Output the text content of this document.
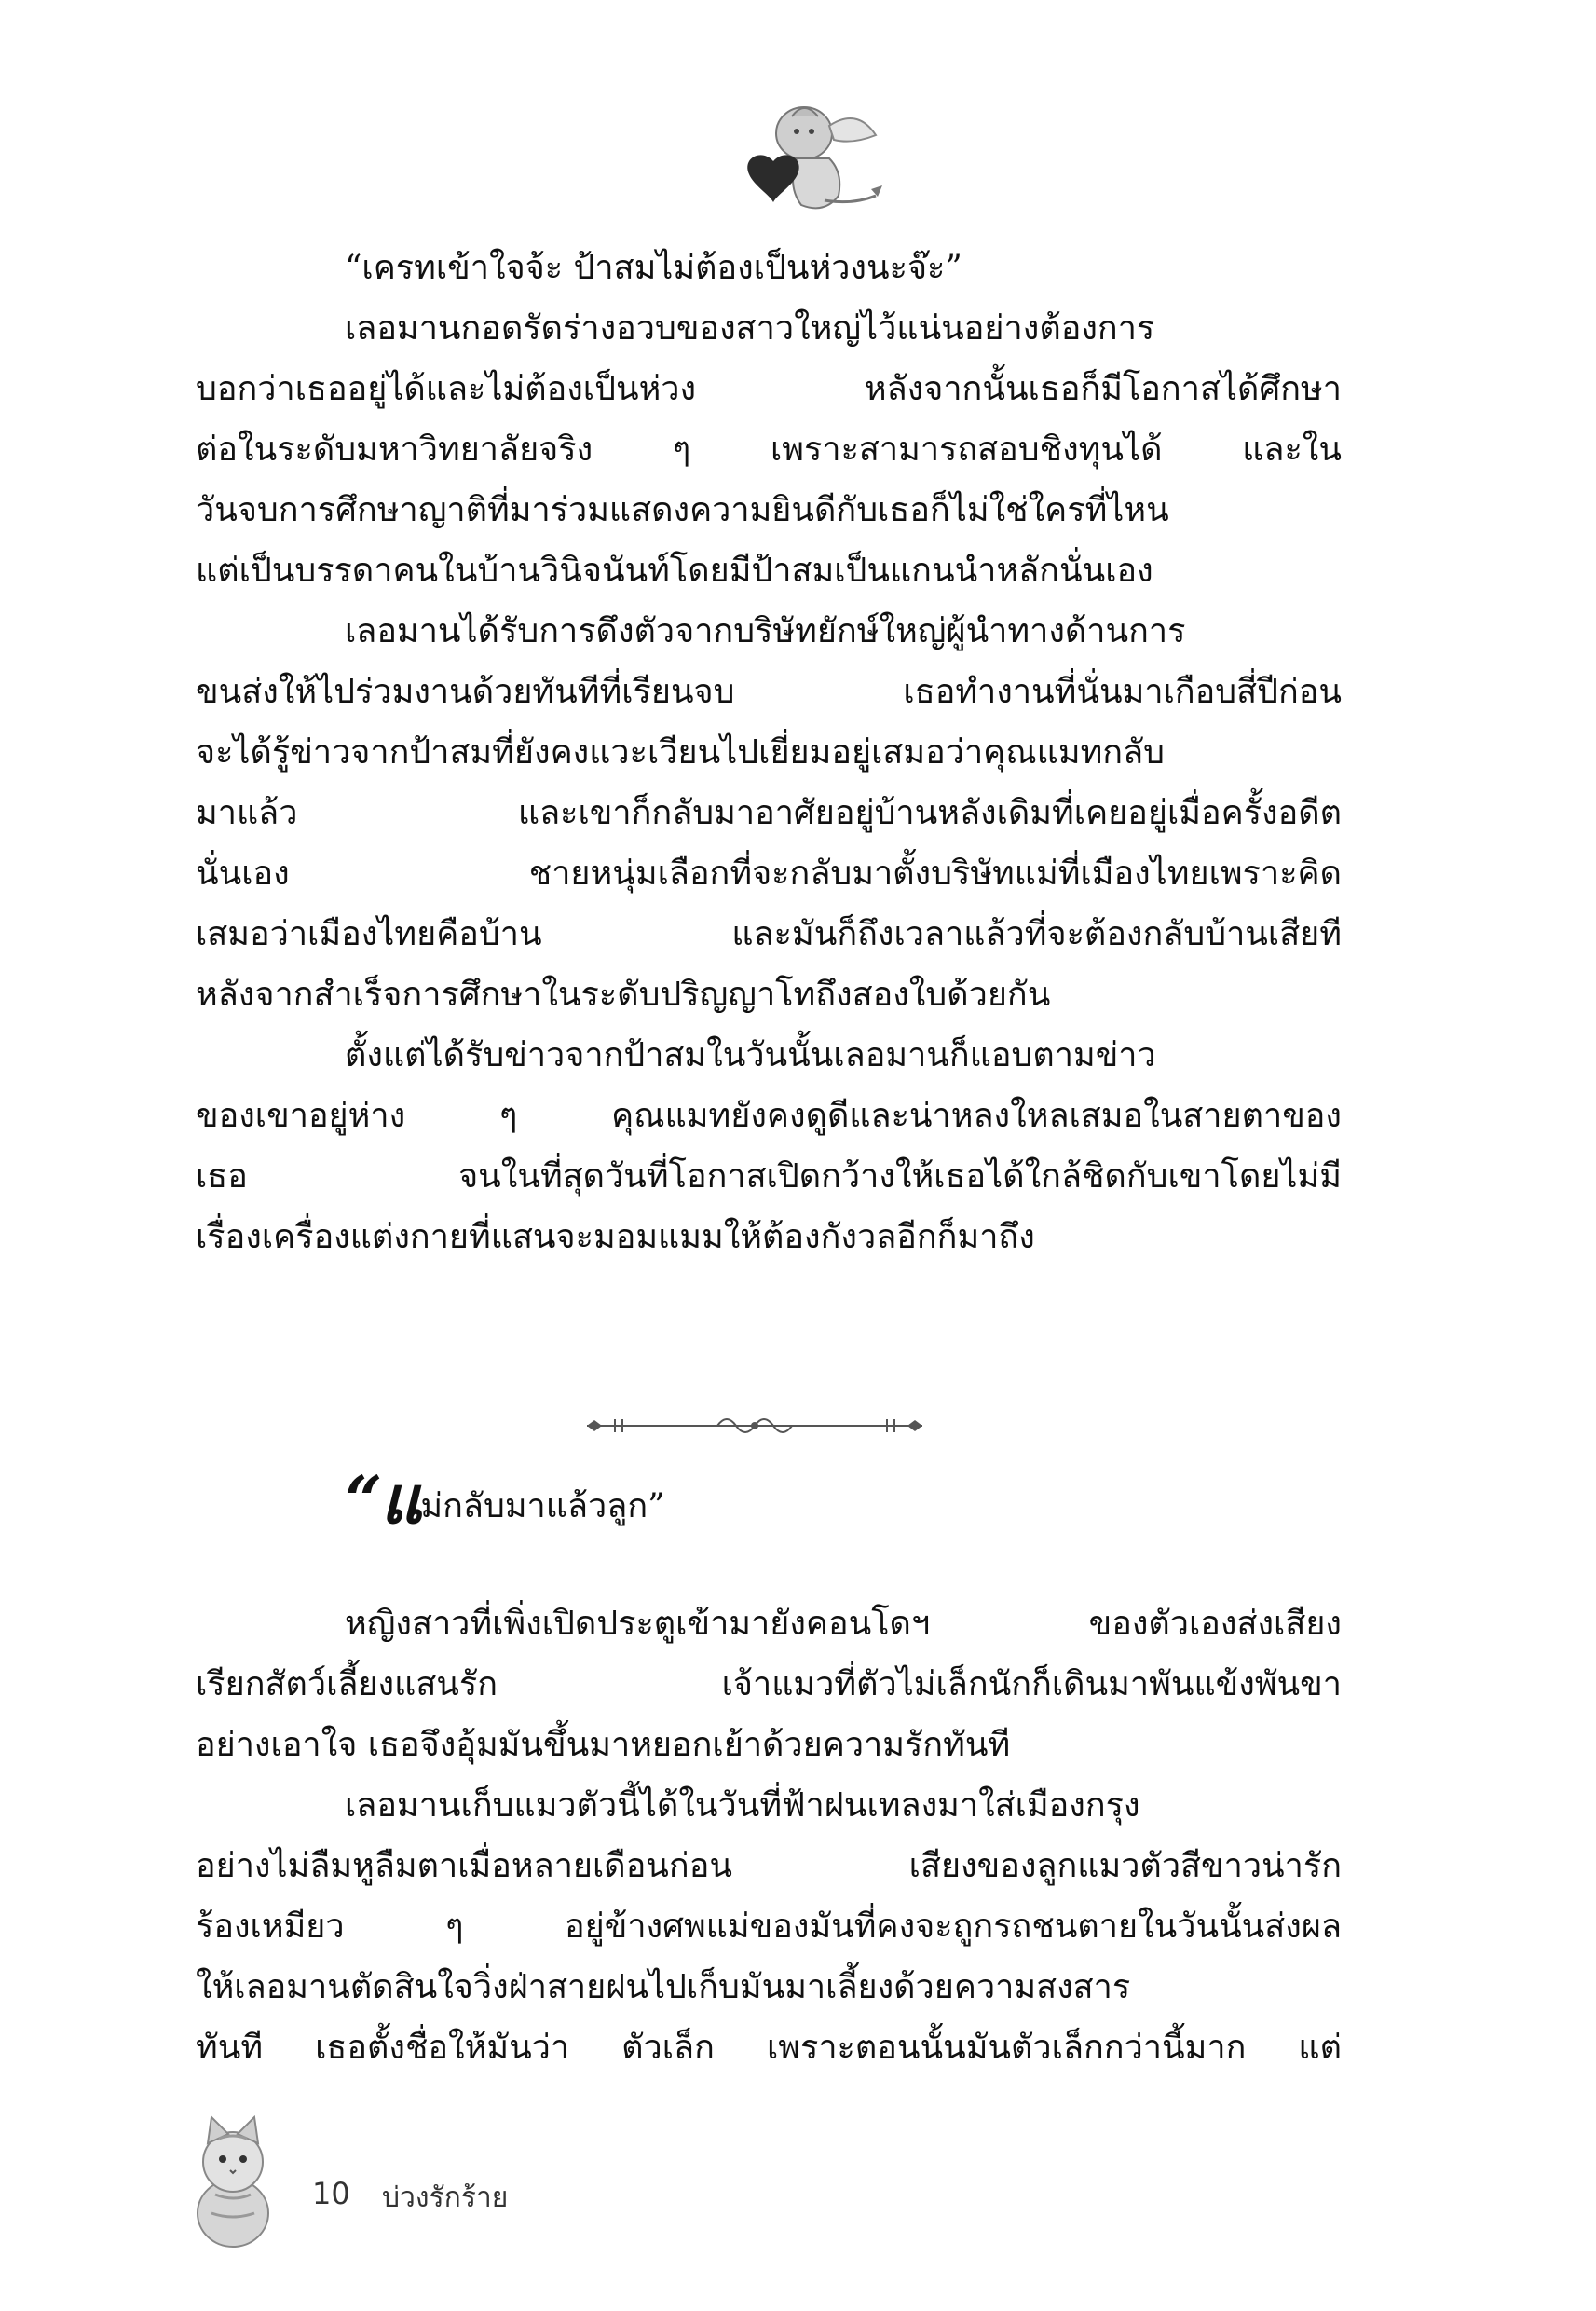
“เครทเข้าใจจ้ะ ป้าสมไม่ต้องเป็นห่วงนะจ๊ะ”
เลอมานกอดรัดร่างอวบของสาวใหญ่ไว้แน่นอย่างต้องการ
บอกว่าเธออยู่ได้และไม่ต้องเป็นห่วง หลังจากนั้นเธอก็มีโอกาสได้ศึกษา
ต่อในระดับมหาวิทยาลัยจริง ๆ เพราะสามารถสอบชิงทุนได้ และใน
วันจบการศึกษาญาติที่มาร่วมแสดงความยินดีกับเธอก็ไม่ใช่ใครที่ไหน
แต่เป็นบรรดาคนในบ้านวินิจนันท์โดยมีป้าสมเป็นแกนนำหลักนั่นเอง
เลอมานได้รับการดึงตัวจากบริษัทยักษ์ใหญ่ผู้นำทางด้านการ
ขนส่งให้ไปร่วมงานด้วยทันทีที่เรียนจบ เธอทำงานที่นั่นมาเกือบสี่ปีก่อน
จะได้รู้ข่าวจากป้าสมที่ยังคงแวะเวียนไปเยี่ยมอยู่เสมอว่าคุณแมทกลับ
มาแล้ว และเขาก็กลับมาอาศัยอยู่บ้านหลังเดิมที่เคยอยู่เมื่อครั้งอดีต
นั่นเอง ชายหนุ่มเลือกที่จะกลับมาตั้งบริษัทแม่ที่เมืองไทยเพราะคิด
เสมอว่าเมืองไทยคือบ้าน และมันก็ถึงเวลาแล้วที่จะต้องกลับบ้านเสียที
หลังจากสำเร็จการศึกษาในระดับปริญญาโทถึงสองใบด้วยกัน
ตั้งแต่ได้รับข่าวจากป้าสมในวันนั้นเลอมานก็แอบตามข่าว
ของเขาอยู่ห่าง ๆ คุณแมทยังคงดูดีและน่าหลงใหลเสมอในสายตาของ
เธอ จนในที่สุดวันที่โอกาสเปิดกว้างให้เธอได้ใกล้ชิดกับเขาโดยไม่มี
เรื่องเครื่องแต่งกายที่แสนจะมอมแมมให้ต้องกังวลอีกก็มาถึง
“แม่กลับมาแล้วลูก”
หญิงสาวที่เพิ่งเปิดประตูเข้ามายังคอนโดฯ ของตัวเองส่งเสียง
เรียกสัตว์เลี้ยงแสนรัก เจ้าแมวที่ตัวไม่เล็กนักก็เดินมาพันแข้งพันขา
อย่างเอาใจ เธอจึงอุ้มมันขึ้นมาหยอกเย้าด้วยความรักทันที
เลอมานเก็บแมวตัวนี้ได้ในวันที่ฟ้าฝนเทลงมาใส่เมืองกรุง
อย่างไม่ลืมหูลืมตาเมื่อหลายเดือนก่อน เสียงของลูกแมวตัวสีขาวน่ารัก
ร้องเหมียว ๆ อยู่ข้างศพแม่ของมันที่คงจะถูกรถชนตายในวันนั้นส่งผล
ให้เลอมานตัดสินใจวิ่งฝ่าสายฝนไปเก็บมันมาเลี้ยงด้วยความสงสาร
ทันที เธอตั้งชื่อให้มันว่า ตัวเล็ก เพราะตอนนั้นมันตัวเล็กกว่านี้มาก แต่
10 บ่วงรักร้าย
